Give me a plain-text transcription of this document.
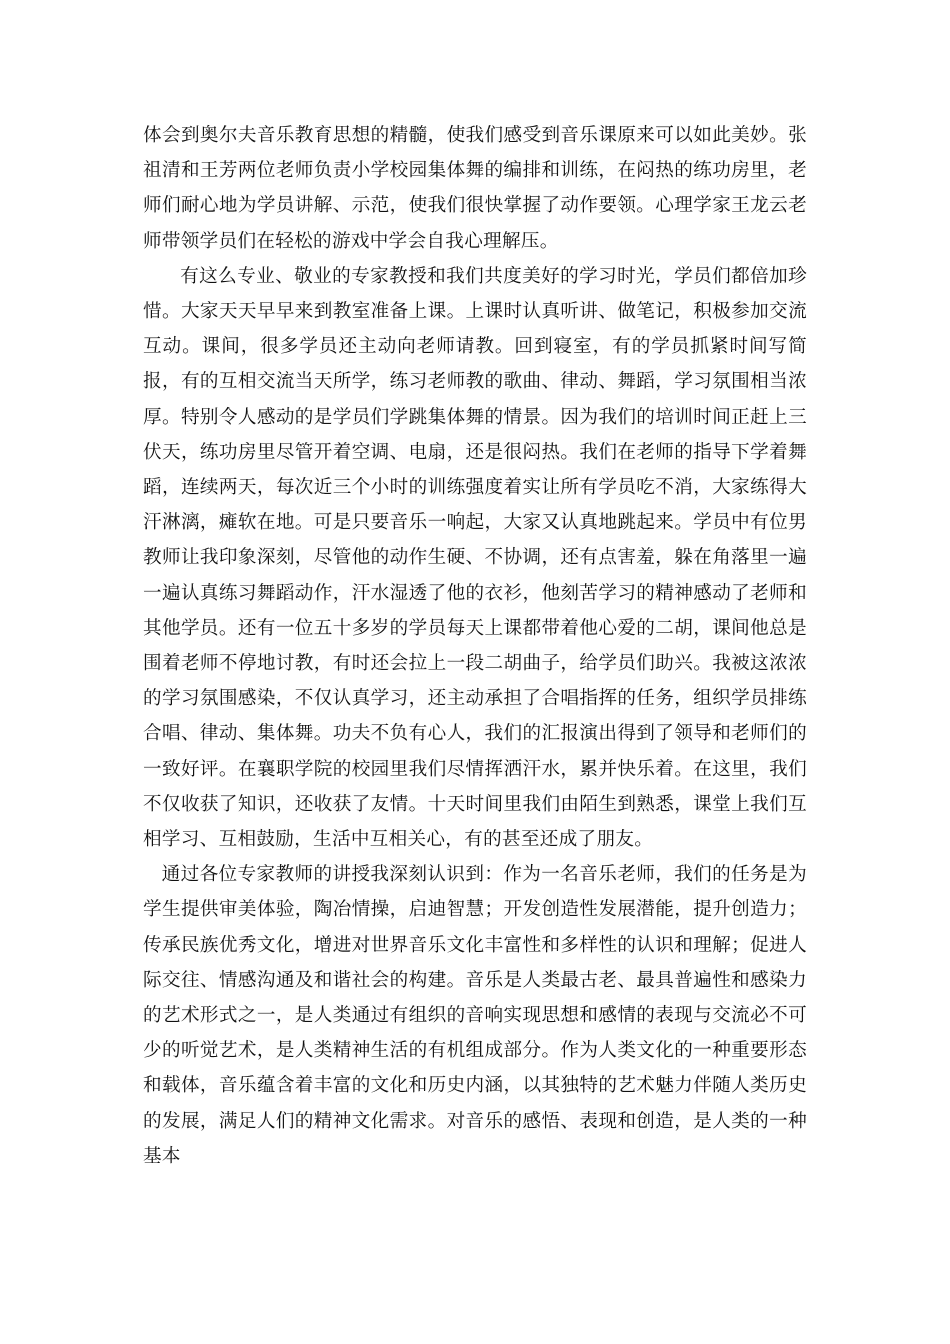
体会到奥尔夫音乐教育思想的精髓，使我们感受到音乐课原来可以如此美妙。张祖清和王芳两位老师负责小学校园集体舞的编排和训练，在闷热的练功房里，老师们耐心地为学员讲解、示范，使我们很快掌握了动作要领。心理学家王龙云老师带领学员们在轻松的游戏中学会自我心理解压。

有这么专业、敬业的专家教授和我们共度美好的学习时光，学员们都倍加珍惜。大家天天早早来到教室准备上课。上课时认真听讲、做笔记，积极参加交流互动。课间，很多学员还主动向老师请教。回到寝室，有的学员抓紧时间写简报，有的互相交流当天所学，练习老师教的歌曲、律动、舞蹈，学习氛围相当浓厚。特别令人感动的是学员们学跳集体舞的情景。因为我们的培训时间正赶上三伏天，练功房里尽管开着空调、电扇，还是很闷热。我们在老师的指导下学着舞蹈，连续两天，每次近三个小时的训练强度着实让所有学员吃不消，大家练得大汗淋漓，瘫软在地。可是只要音乐一响起，大家又认真地跳起来。学员中有位男教师让我印象深刻，尽管他的动作生硬、不协调，还有点害羞，躲在角落里一遍一遍认真练习舞蹈动作，汗水湿透了他的衣衫，他刻苦学习的精神感动了老师和其他学员。还有一位五十多岁的学员每天上课都带着他心爱的二胡，课间他总是围着老师不停地讨教，有时还会拉上一段二胡曲子，给学员们助兴。我被这浓浓的学习氛围感染，不仅认真学习，还主动承担了合唱指挥的任务，组织学员排练合唱、律动、集体舞。功夫不负有心人，我们的汇报演出得到了领导和老师们的一致好评。在襄职学院的校园里我们尽情挥洒汗水，累并快乐着。在这里，我们不仅收获了知识，还收获了友情。十天时间里我们由陌生到熟悉，课堂上我们互相学习、互相鼓励，生活中互相关心，有的甚至还成了朋友。

通过各位专家教师的讲授我深刻认识到：作为一名音乐老师，我们的任务是为学生提供审美体验，陶冶情操，启迪智慧；开发创造性发展潜能，提升创造力；传承民族优秀文化，增进对世界音乐文化丰富性和多样性的认识和理解；促进人际交往、情感沟通及和谐社会的构建。音乐是人类最古老、最具普遍性和感染力的艺术形式之一，是人类通过有组织的音响实现思想和感情的表现与交流必不可少的听觉艺术，是人类精神生活的有机组成部分。作为人类文化的一种重要形态和载体，音乐蕴含着丰富的文化和历史内涵，以其独特的艺术魅力伴随人类历史的发展，满足人们的精神文化需求。对音乐的感悟、表现和创造，是人类的一种基本
